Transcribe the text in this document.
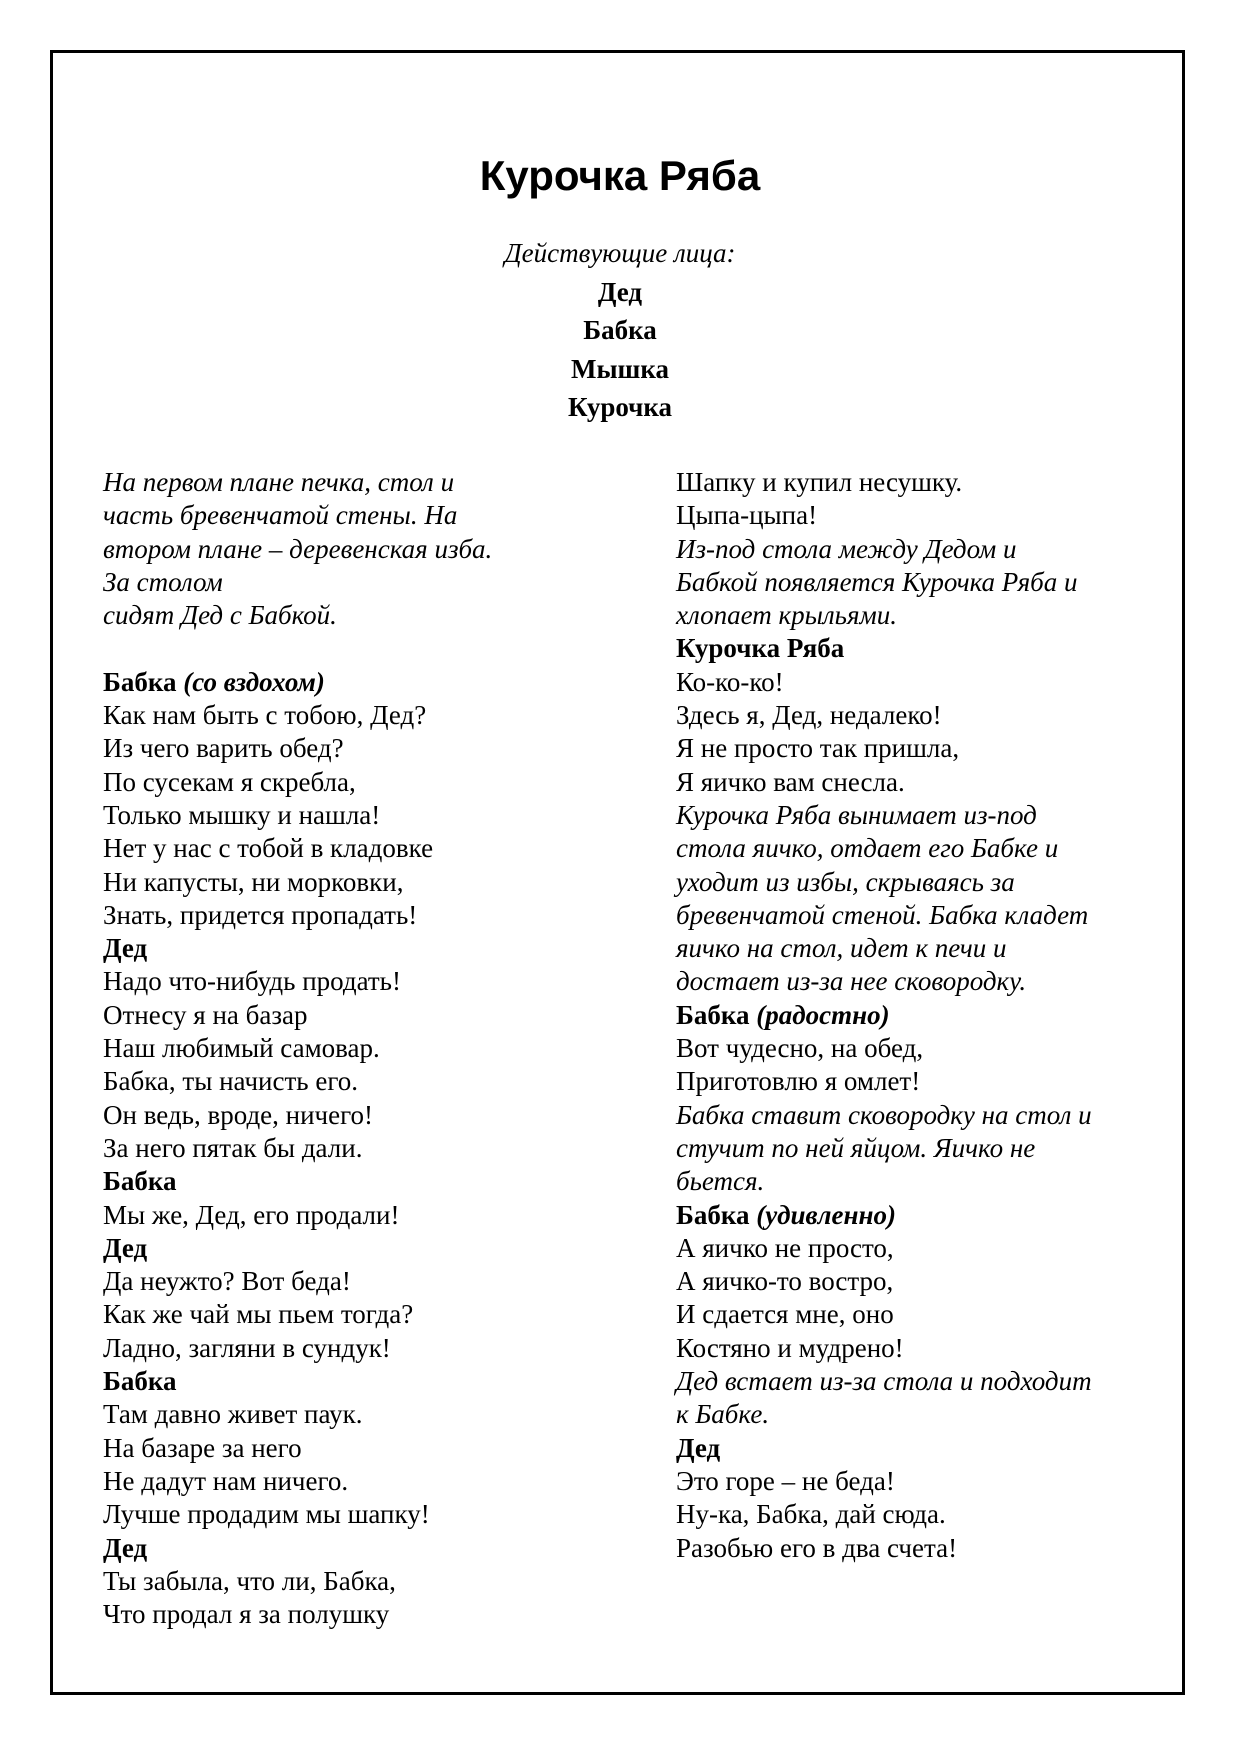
Курочка Ряба
Действующие лица:
Дед
Бабка
Мышка
Курочка
На первом плане печка, стол и
часть бревенчатой стены. На
втором плане – деревенская изба.
За столом
сидят Дед с Бабкой.
Бабка (со вздохом)
Как нам быть с тобою, Дед?
Из чего варить обед?
По сусекам я скребла,
Только мышку и нашла!
Нет у нас с тобой в кладовке
Ни капусты, ни морковки,
Знать, придется пропадать!
Дед
Надо что-нибудь продать!
Отнесу я на базар
Наш любимый самовар.
Бабка, ты начисть его.
Он ведь, вроде, ничего!
За него пятак бы дали.
Бабка
Мы же, Дед, его продали!
Дед
Да неужто? Вот беда!
Как же чай мы пьем тогда?
Ладно, загляни в сундук!
Бабка
Там давно живет паук.
На базаре за него
Не дадут нам ничего.
Лучше продадим мы шапку!
Дед
Ты забыла, что ли, Бабка,
Что продал я за полушку
Шапку и купил несушку.
Цыпа-цыпа!
Из-под стола между Дедом и
Бабкой появляется Курочка Ряба и
хлопает крыльями.
Курочка Ряба
Ко-ко-ко!
Здесь я, Дед, недалеко!
Я не просто так пришла,
Я яичко вам снесла.
Курочка Ряба вынимает из-под
стола яичко, отдает его Бабке и
уходит из избы, скрываясь за
бревенчатой стеной. Бабка кладет
яичко на стол, идет к печи и
достает из-за нее сковородку.
Бабка (радостно)
Вот чудесно, на обед,
Приготовлю я омлет!
Бабка ставит сковородку на стол и
стучит по ней яйцом. Яичко не
бьется.
Бабка (удивленно)
А яичко не просто,
А яичко-то востро,
И сдается мне, оно
Костяно и мудрено!
Дед встает из-за стола и подходит
к Бабке.
Дед
Это горе – не беда!
Ну-ка, Бабка, дай сюда.
Разобью его в два счета!
